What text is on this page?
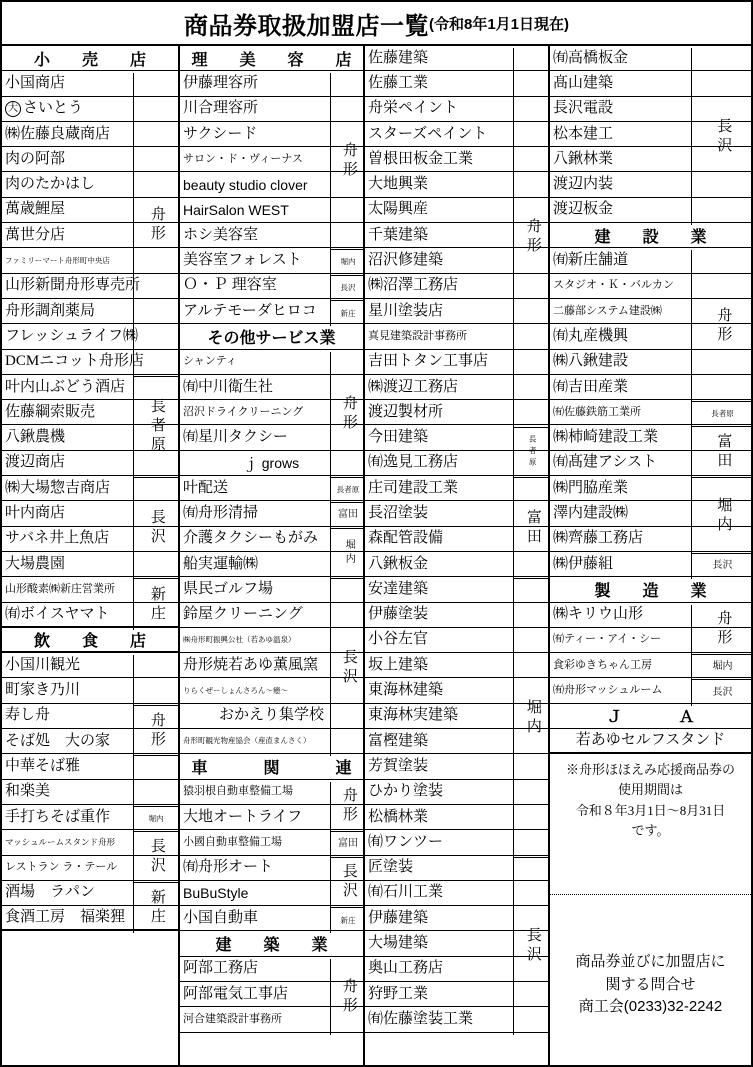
商品券取扱加盟店一覧 (令和8年1月1日現在)
小　売　店
小国商店
大 さいとう
㈱佐藤良蔵商店
肉の阿部
肉のたかはし
萬歳鯉屋
萬世分店
ファミリーマート舟形町中央店
山形新聞舟形専売所
舟形調剤薬局
フレッシュライフ㈱
DCMニコット舟形店
叶内山ぶどう酒店
佐藤綱索販売
八鍬農機
渡辺商店
㈱大場惣吉商店
叶内商店
サバネ井上魚店
大場農園
山形酸素㈱新庄営業所
㈲ボイスヤマト
飲　食　店
小国川観光
町家き乃川
寿し舟
そば処　大の家
中華そば雅
和楽美
手打ちそば重作
マッシュルームスタンド舟形
レストラン ラ・テール
酒場　ラパン
食酒工房　福楽狸
理　美　容　店
伊藤理容所
川合理容所
サクシード
サロン・ド・ヴィーナス
beauty studio clover
HairSalon WEST
ホシ美容室
美容室フォレスト
Ｏ・Ｐ 理容室
アルテモーダヒロコ
その他サービス業
シャンティ
㈲中川衛生社
沼沢ドライクリーニング
㈲星川タクシー
ｊ grows
叶配送
㈲舟形清掃
介護タクシーもがみ
船実運輸㈱
県民ゴルフ場
鈴屋クリーニング
㈱舟形町振興公社（若あゆ温泉）
舟形焼若あゆ薫風窯
りらくぜーしょんさろん〜癒〜
おかえり集学校
舟形町観光物産協会（産直まんさく）
車　　関　　連
猿羽根自動車整備工場
大地オートライフ
小國自動車整備工場
㈲舟形オート
BuBuStyle
小国自動車
建　築　業
阿部工務店
阿部電気工事店
河合建築設計事務所
佐藤建築
佐藤工業
舟栄ペイント
スターズペイント
曽根田板金工業
大地興業
太陽興産
千葉建築
沼沢修建築
㈱沼澤工務店
星川塗装店
真見建築設計事務所
吉田トタン工事店
㈱渡辺工務店
渡辺製材所
今田建築
㈲逸見工務店
庄司建設工業
長沼塗装
森配管設備
八鍬板金
安達建築
伊藤塗装
小谷左官
坂上建築
東海林建築
東海林実建築
富樫建築
芳賀塗装
ひかり塗装
松橋林業
㈲ワンツー
匠塗装
㈲石川工業
伊藤建築
大場建築
奥山工務店
狩野工業
㈲佐藤塗装工業
㈲高橋板金
髙山建築
長沢電設
松本建工
八鍬林業
渡辺内装
渡辺板金
建　設　業
㈲新庄舗道
スタジオ・Ｋ・バルカン
二藤部システム建設㈱
㈲丸産機興
㈱八鍬建設
㈲吉田産業
㈲佐藤鉄筋工業所
㈱柿崎建設工業
㈲髙建アシスト
㈱門脇産業
澤内建設㈱
㈱齊藤工務店
㈱伊藤組
製　造　業
㈱キリウ山形
㈲ティー・アイ・シー
食彩ゆきちゃん工房
㈲舟形マッシュルーム
Ｊ　　Ａ
若あゆセルフスタンド
※舟形ほほえみ応援商品券の
使用期間は
令和８年3月1日〜8月31日
です。
商品券並びに加盟店に
関する問合せ
商工会(0233)32-2242
舟形
長者原
長沢
新庄
舟形
堀内
長沢
新庄
舟形
堀内
長沢
新庄
舟形
長者原
富田
堀内
長沢
舟形
富田
長沢
新庄
舟形
舟形
長者原
富田
堀内
長沢
長沢
舟形
長者原
富田
堀内
長沢
舟形
堀内
長沢
